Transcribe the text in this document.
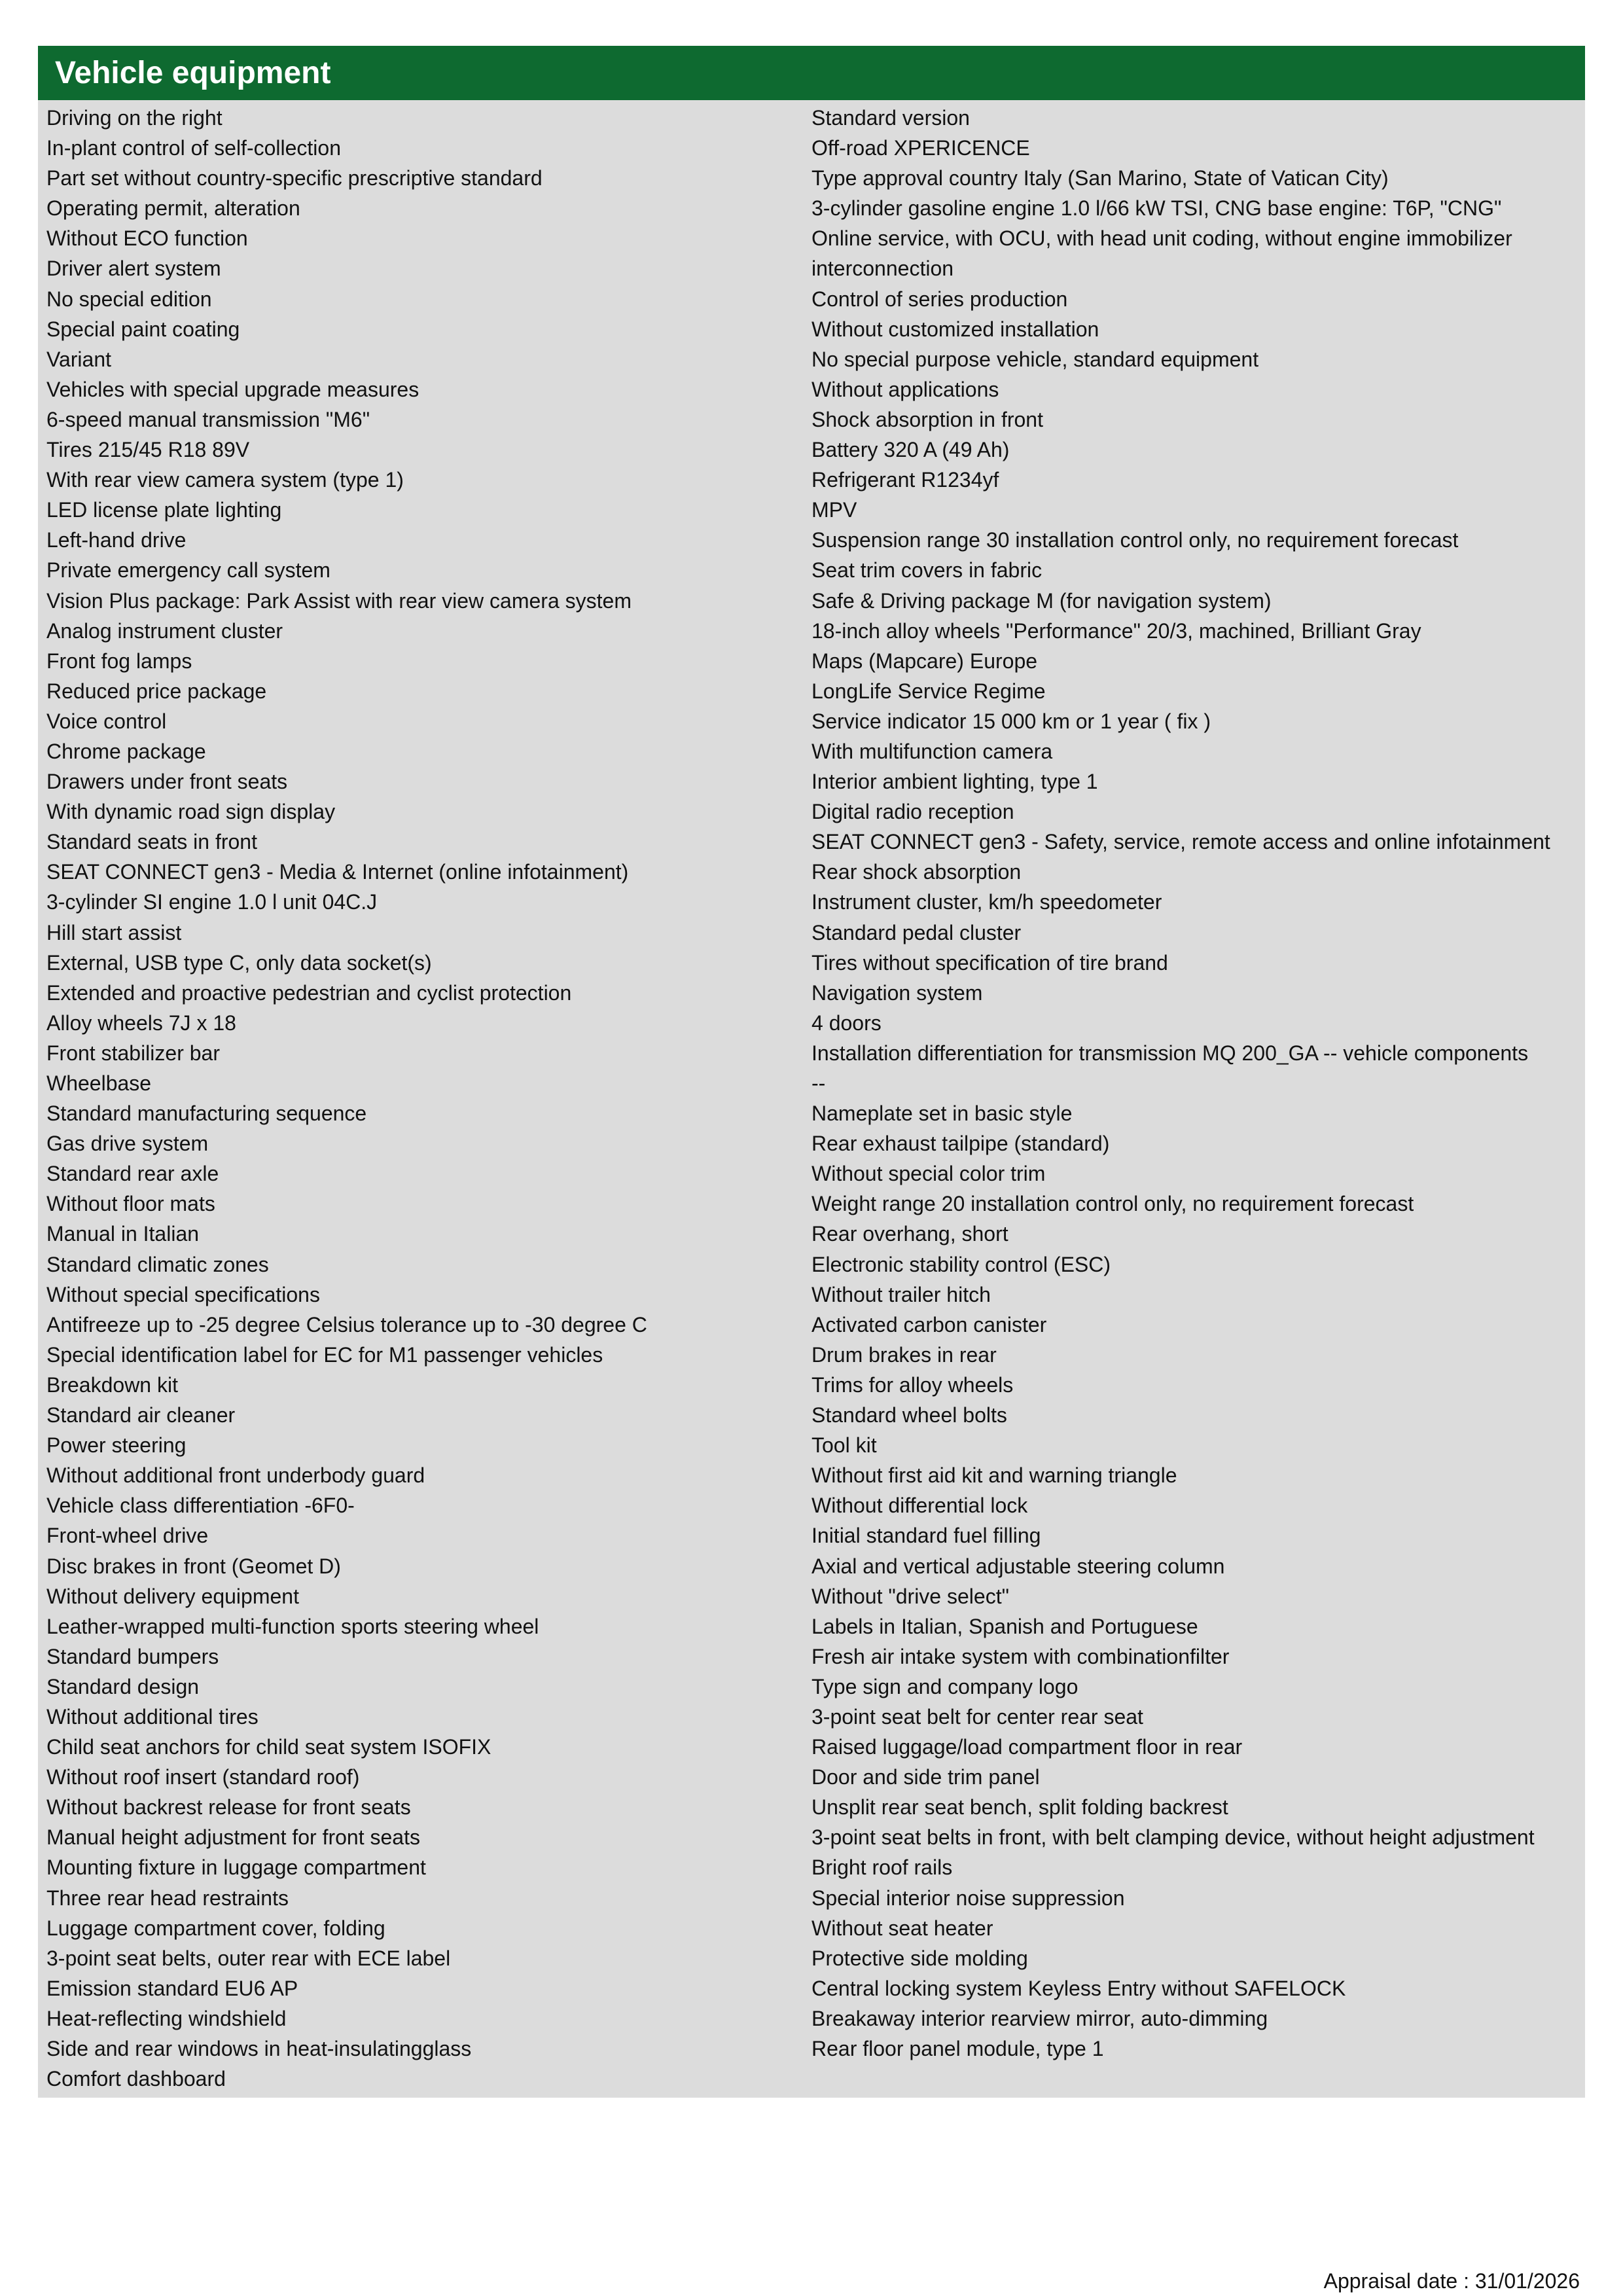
Vehicle equipment
Driving on the right
In-plant control of self-collection
Part set without country-specific prescriptive standard
Operating permit, alteration
Without ECO function
Driver alert system
No special edition
Special paint coating
Variant
Vehicles with special upgrade measures
6-speed manual transmission "M6"
Tires 215/45 R18 89V
With rear view camera system (type 1)
LED license plate lighting
Left-hand drive
Private emergency call system
Vision Plus package: Park Assist with rear view camera system
Analog instrument cluster
Front fog lamps
Reduced price package
Voice control
Chrome package
Drawers under front seats
With dynamic road sign display
Standard seats in front
SEAT CONNECT gen3 - Media & Internet (online infotainment)
3-cylinder SI engine 1.0 l unit 04C.J
Hill start assist
External, USB type C, only data socket(s)
Extended and proactive pedestrian and cyclist protection
Alloy wheels 7J x 18
Front stabilizer bar
Wheelbase
Standard manufacturing sequence
Gas drive system
Standard rear axle
Without floor mats
Manual in Italian
Standard climatic zones
Without special specifications
Antifreeze up to -25 degree Celsius tolerance up to -30 degree C
Special identification label for EC for M1 passenger vehicles
Breakdown kit
Standard air cleaner
Power steering
Without additional front underbody guard
Vehicle class differentiation -6F0-
Front-wheel drive
Disc brakes in front (Geomet D)
Without delivery equipment
Leather-wrapped multi-function sports steering wheel
Standard bumpers
Standard design
Without additional tires
Child seat anchors for child seat system ISOFIX
Without roof insert (standard roof)
Without backrest release for front seats
Manual height adjustment for front seats
Mounting fixture in luggage compartment
Three rear head restraints
Luggage compartment cover, folding
3-point seat belts, outer rear with ECE label
Emission standard EU6 AP
Heat-reflecting windshield
Side and rear windows in heat-insulatingglass
Comfort dashboard
Standard version
Off-road XPERICENCE
Type approval country Italy (San Marino, State of Vatican City)
3-cylinder gasoline engine 1.0 l/66 kW TSI, CNG base engine: T6P, "CNG"
Online service, with OCU, with head unit coding, without engine immobilizer interconnection
Control of series production
Without customized installation
No special purpose vehicle, standard equipment
Without applications
Shock absorption in front
Battery 320 A (49 Ah)
Refrigerant R1234yf
MPV
Suspension range 30 installation control only, no requirement forecast
Seat trim covers in fabric
Safe & Driving package M (for navigation system)
18-inch alloy wheels "Performance" 20/3, machined, Brilliant Gray
Maps (Mapcare) Europe
LongLife Service Regime
Service indicator 15 000 km or 1 year ( fix )
With multifunction camera
Interior ambient lighting, type 1
Digital radio reception
SEAT CONNECT gen3 - Safety, service, remote access and online infotainment
Rear shock absorption
Instrument cluster, km/h speedometer
Standard pedal cluster
Tires without specification of tire brand
Navigation system
4 doors
Installation differentiation for transmission MQ 200_GA -- vehicle components
--
Nameplate set in basic style
Rear exhaust tailpipe (standard)
Without special color trim
Weight range 20 installation control only, no requirement forecast
Rear overhang, short
Electronic stability control (ESC)
Without trailer hitch
Activated carbon canister
Drum brakes in rear
Trims for alloy wheels
Standard wheel bolts
Tool kit
Without first aid kit and warning triangle
Without differential lock
Initial standard fuel filling
Axial and vertical adjustable steering column
Without "drive select"
Labels in Italian, Spanish and Portuguese
Fresh air intake system with combinationfilter
Type sign and company logo
3-point seat belt for center rear seat
Raised luggage/load compartment floor in rear
Door and side trim panel
Unsplit rear seat bench, split folding backrest
3-point seat belts in front, with belt clamping device, without height adjustment
Bright roof rails
Special interior noise suppression
Without seat heater
Protective side molding
Central locking system Keyless Entry without SAFELOCK
Breakaway interior rearview mirror, auto-dimming
Rear floor panel module, type 1
Appraisal date : 31/01/2026
